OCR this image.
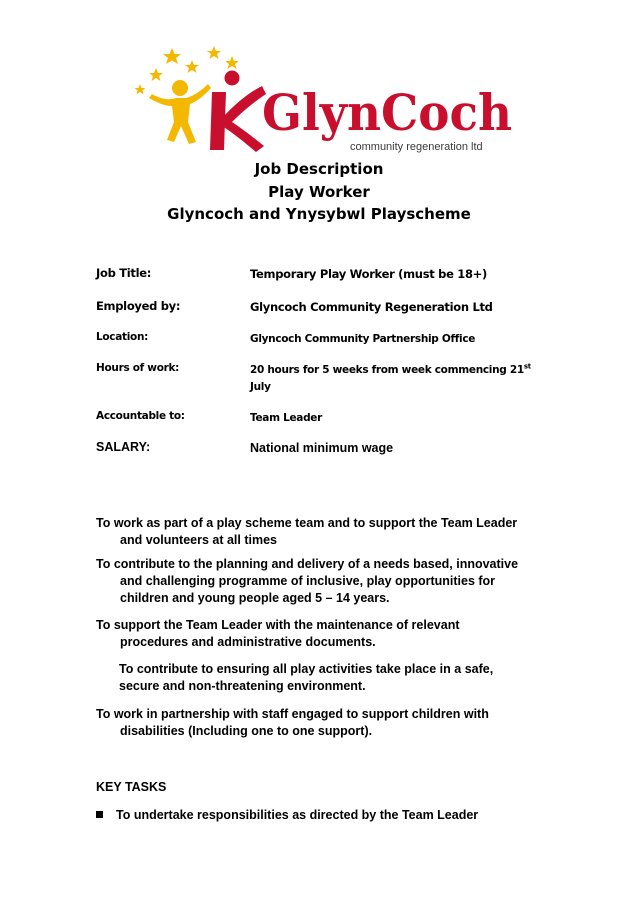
GlynCoch
community regeneration ltd
Job Description
Play Worker
Glyncoch and Ynysybwl Playscheme
Job Title:	Temporary Play Worker (must be 18+)
Employed by:	Glyncoch Community Regeneration Ltd
Location:	Glyncoch Community Partnership Office
Hours of work:	20 hours for 5 weeks from week commencing 21st
July
Accountable to:	Team Leader
SALARY:	National minimum wage
To work as part of a play scheme team and to support the Team Leader
and volunteers at all times
To contribute to the planning and delivery of a needs based, innovative
and challenging programme of inclusive, play opportunities for
children and young people aged 5 – 14 years.
To support the Team Leader with the maintenance of relevant
procedures and administrative documents.
To contribute to ensuring all play activities take place in a safe,
secure and non-threatening environment.
To work in partnership with staff engaged to support children with
disabilities (Including one to one support).
KEY TASKS
To undertake responsibilities as directed by the Team Leader
